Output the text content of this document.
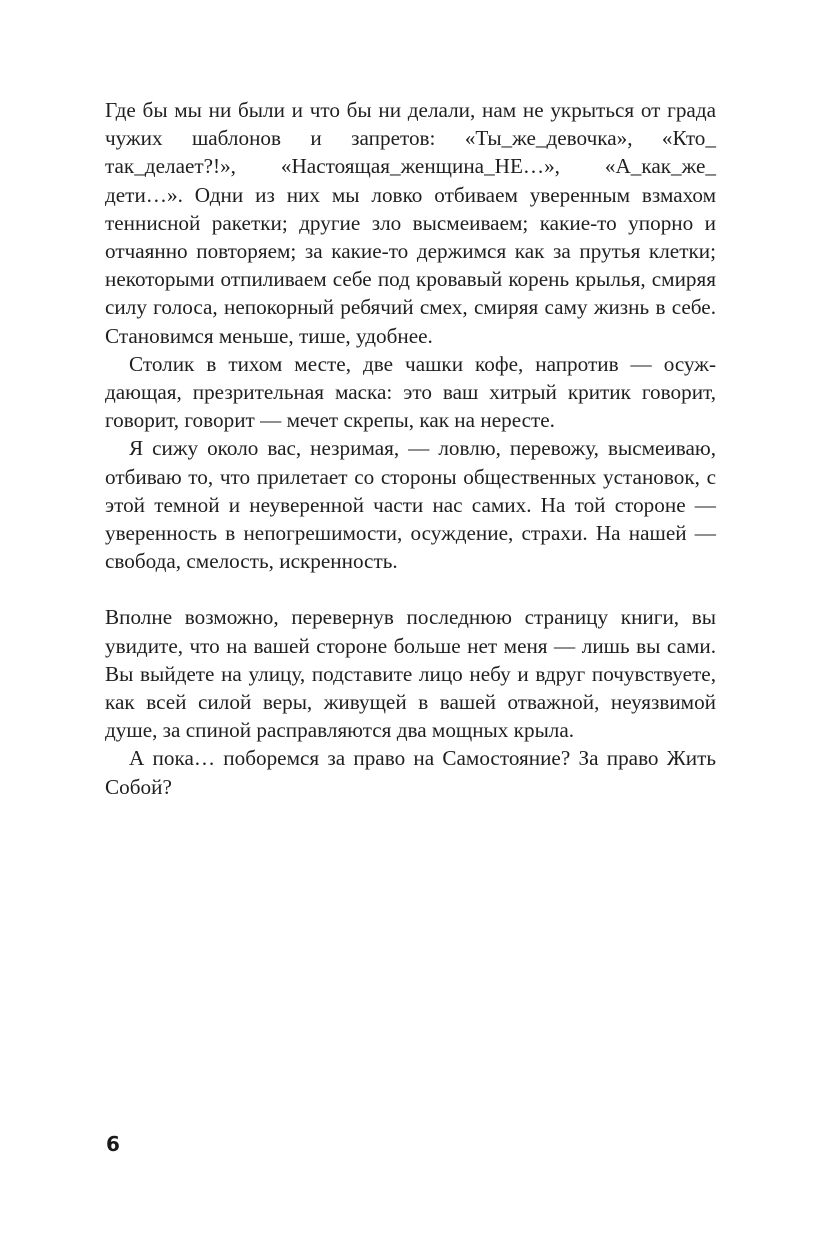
Где бы мы ни были и что бы ни делали, нам не укрыться от града чужих шаблонов и запретов: «Ты_же_девочка», «Кто_ так_делает?!», «Настоящая_женщина_НЕ…», «А_как_же_ дети…». Одни из них мы ловко отбиваем уверенным взмахом теннисной ракетки; другие зло высмеиваем; какие-то упорно и отчаянно повторяем; за какие-то держимся как за прутья клетки; некоторыми отпиливаем себе под кровавый корень крылья, смиряя силу голоса, непокорный ребячий смех, смиряя саму жизнь в себе. Становимся меньше, тише, удобнее.

Столик в тихом месте, две чашки кофе, напротив — осуждающая, презрительная маска: это ваш хитрый критик говорит, говорит, говорит — мечет скрепы, как на нересте.

Я сижу около вас, незримая, — ловлю, перевожу, высмеиваю, отбиваю то, что прилетает со стороны общественных установок, с этой темной и неуверенной части нас самих. На той стороне — уверенность в непогрешимости, осуждение, страхи. На нашей — свобода, смелость, искренность.

Вполне возможно, перевернув последнюю страницу книги, вы увидите, что на вашей стороне больше нет меня — лишь вы сами. Вы выйдете на улицу, подставите лицо небу и вдруг почувствуете, как всей силой веры, живущей в вашей отважной, неуязвимой душе, за спиной расправляются два мощных крыла.

А пока… поборемся за право на Самостояние? За право Жить Собой?

6
